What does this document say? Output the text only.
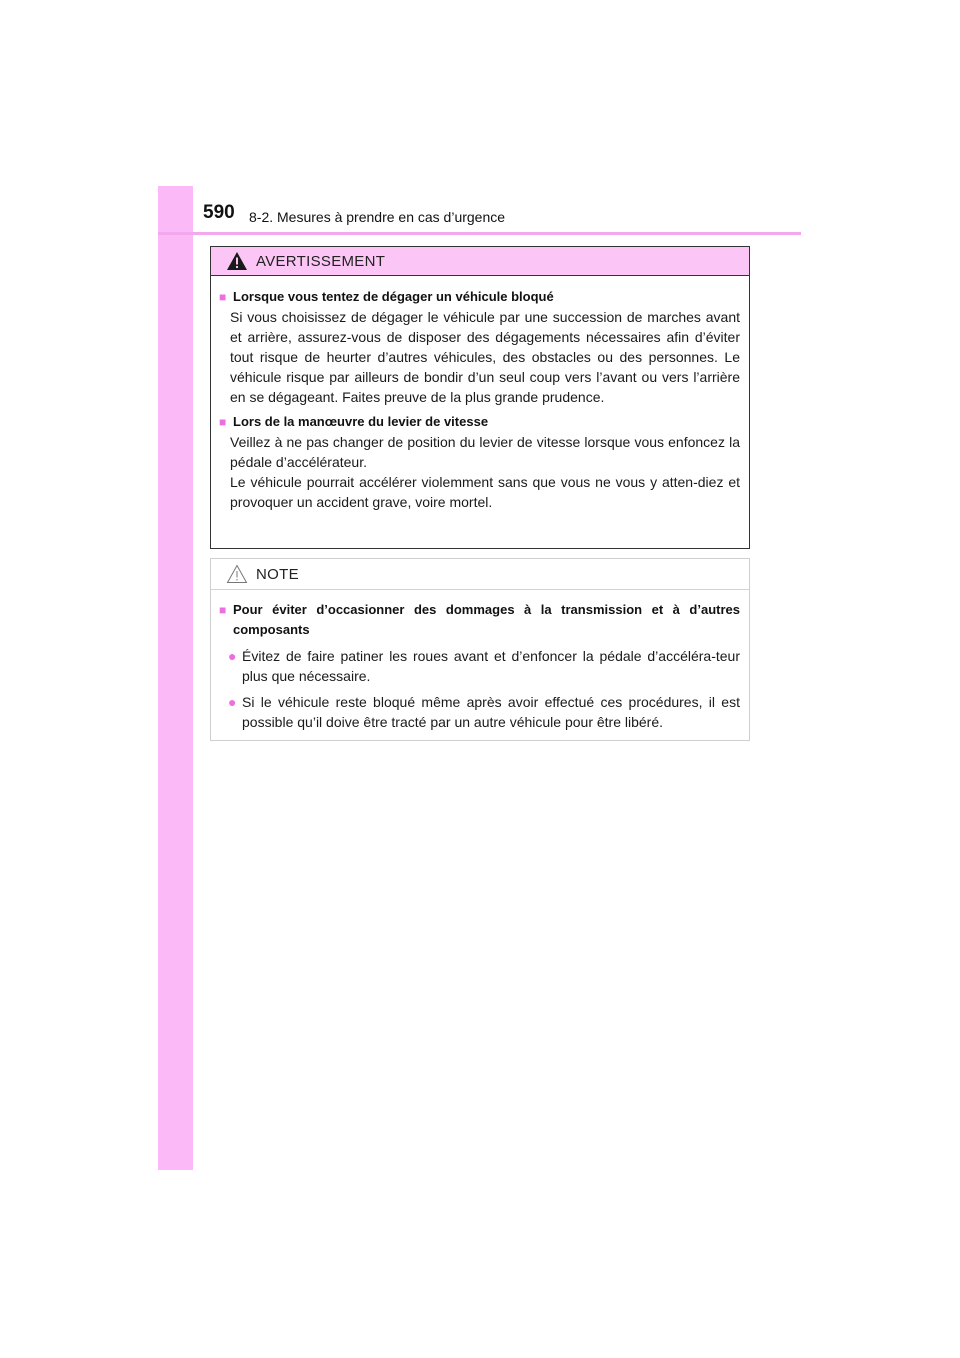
590 8-2. Mesures à prendre en cas d’urgence
AVERTISSEMENT
■ Lorsque vous tentez de dégager un véhicule bloqué

Si vous choisissez de dégager le véhicule par une succession de marches avant et arrière, assurez-vous de disposer des dégagements nécessaires afin d’éviter tout risque de heurter d’autres véhicules, des obstacles ou des personnes. Le véhicule risque par ailleurs de bondir d’un seul coup vers l’avant ou vers l’arrière en se dégageant. Faites preuve de la plus grande prudence.

■ Lors de la manœuvre du levier de vitesse

Veillez à ne pas changer de position du levier de vitesse lorsque vous enfoncez la pédale d’accélérateur.

Le véhicule pourrait accélérer violemment sans que vous ne vous y atten-diez et provoquer un accident grave, voire mortel.

NOTE
■ Pour éviter d’occasionner des dommages à la transmission et à d’autres composants
● Évitez de faire patiner les roues avant et d’enfoncer la pédale d’accéléra-teur plus que nécessaire.
● Si le véhicule reste bloqué même après avoir effectué ces procédures, il est possible qu’il doive être tracté par un autre véhicule pour être libéré.
